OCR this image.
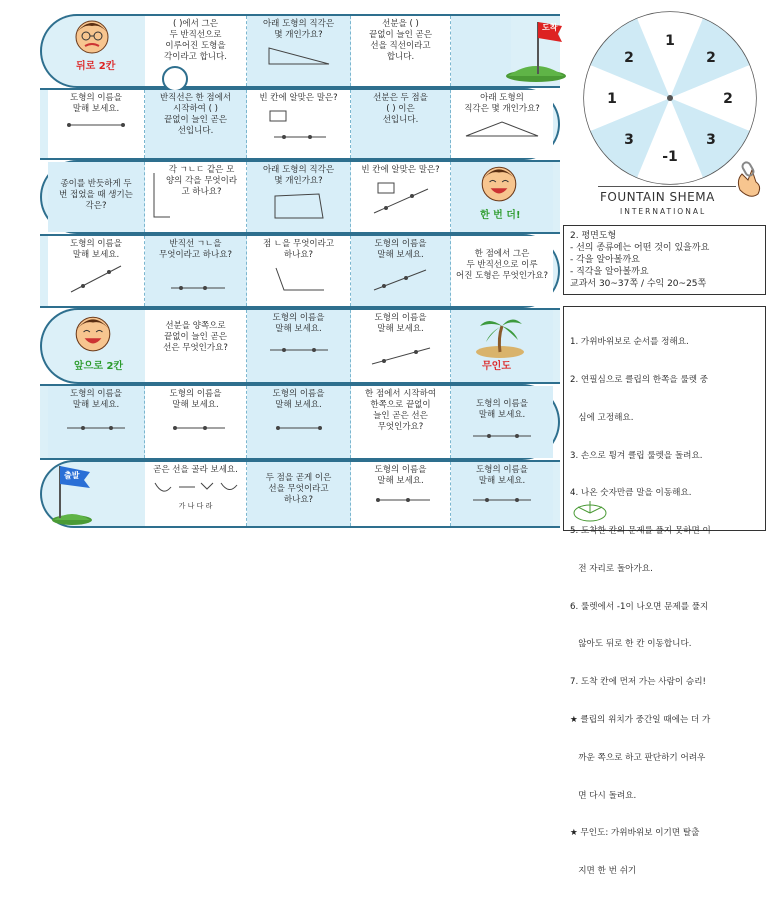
뒤로 2칸
( )에서 그은
두 반직선으로
이루어진 도형을
각이라고 합니다.
아래 도형의 직각은
몇 개인가요?
선분을 ( )
끝없이 늘인 곧은
선을 직선이라고
합니다.
도착
도형의 이름을
말해 보세요.
반직선은 한 점에서
시작하여 ( )
끝없이 늘인 곧은
선입니다.
빈 칸에 알맞은 말은?	선분은 두 점을
( ) 이은
선입니다.
아래 도형의
직각은 몇 개인가요?
종이를 반듯하게 두
번 접었을 때 생기는
각은?
각 ㄱㄴㄷ 같은 모
양의 각을 무엇이라
고 하나요?
아래 도형의 직각은
몇 개인가요?
빈 칸에 알맞은 말은?
한 번 더!
도형의 이름을
말해 보세요.
반직선 ㄱㄴ을
무엇이라고 하나요?
점 ㄴ을 무엇이라고
하나요?
도형의 이름을
말해 보세요.	한 점에서 그은
두 반직선으로 이루
어진 도형은 무엇인가요?
앞으로 2칸
선분을 양쪽으로
끝없이 늘인 곧은
선은 무엇인가요?
도형의 이름을
말해 보세요.
도형의 이름을
말해 보세요.
무인도
도형의 이름을
말해 보세요.
도형의 이름을
말해 보세요.
도형의 이름을
말해 보세요.
한 점에서 시작하여
한쪽으로 끝없이
늘인 곧은 선은
무엇인가요?
도형의 이름을
말해 보세요.
출발
곧은 선을 골라 보세요.
가 나 다 라
두 점을 곧게 이은
선을 무엇이라고
하나요?
도형의 이름을
말해 보세요.
도형의 이름을
말해 보세요.
1
2
2
3
-1
3
1
2
FOUNTAIN SHEMA
INTERNATIONAL
2. 평면도형
- 선의 종류에는 어떤 것이 있을까요
- 각을 알아볼까요
- 직각을 알아볼까요
교과서 30~37쪽 / 수익 20~25쪽

1. 가위바위보로 순서를 정해요.

2. 연필심으로 클립의 한쪽을 룰렛 중

심에 고정해요.

3. 손으로 튕겨 클립 룰렛을 돌려요.

4. 나온 숫자만큼 말을 이동해요.

5. 도착한 칸의 문제를 풀지 못하면 이

전 자리로 돌아가요.

6. 룰렛에서 -1이 나오면 문제를 풀지

않아도 뒤로 한 칸 이동합니다.

7. 도착 칸에 먼저 가는 사람이 승리!

★ 클립의 위치가 중간일 때에는 더 가

까운 쪽으로 하고 판단하기 어려우

면 다시 돌려요.

★ 무인도: 가위바위보 이기면 탈출

지면 한 번 쉬기
